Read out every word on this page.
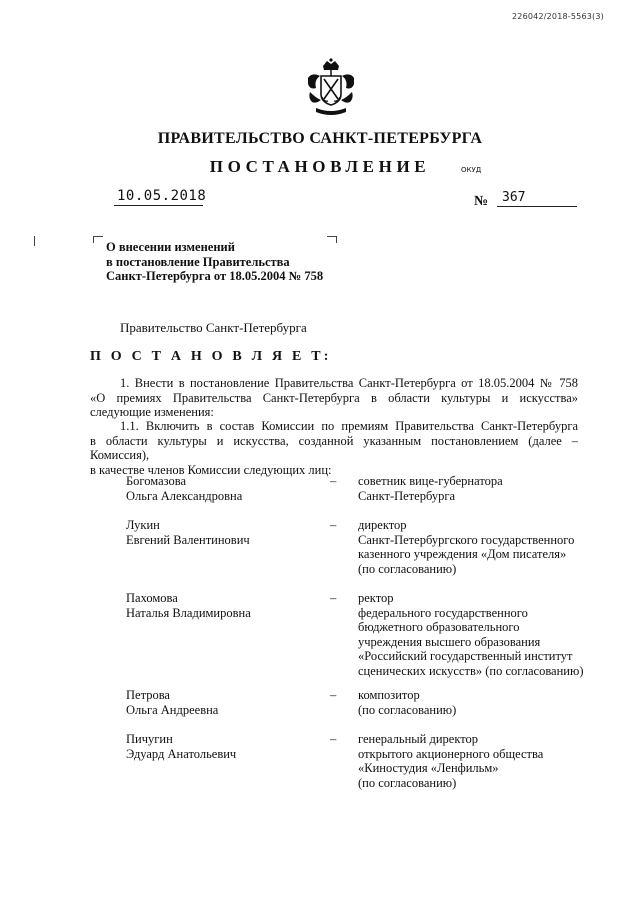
226042/2018-5563(3)
ПРАВИТЕЛЬСТВО САНКТ-ПЕТЕРБУРГА
ПОСТАНОВЛЕНИЕ	ОКУД
10.05.2018	№ 367
О внесении изменений
в постановление Правительства
Санкт-Петербурга от 18.05.2004 № 758
Правительство Санкт-Петербурга
П О С Т А Н О В Л Я Е Т:
1. Внести в постановление Правительства Санкт-Петербурга от 18.05.2004 № 758
«О премиях Правительства Санкт-Петербурга в области культуры и искусства»
следующие изменения:
1.1. Включить в состав Комиссии по премиям Правительства Санкт-Петербурга
в области культуры и искусства, созданной указанным постановлением (далее – Комиссия),
в качестве членов Комиссии следующих лиц:
Богомазова
Ольга Александровна
– советник вице-губернатора
Санкт-Петербурга
Лукин
Евгений Валентинович
– директор
Санкт-Петербургского государственного
казенного учреждения «Дом писателя»
(по согласованию)
Пахомова
Наталья Владимировна
– ректор
федерального государственного
бюджетного образовательного
учреждения высшего образования
«Российский государственный институт
сценических искусств» (по согласованию)
Петрова
Ольга Андреевна
– композитор
(по согласованию)
Пичугин
Эдуард Анатольевич
– генеральный директор
открытого акционерного общества
«Киностудия «Ленфильм»
(по согласованию)
